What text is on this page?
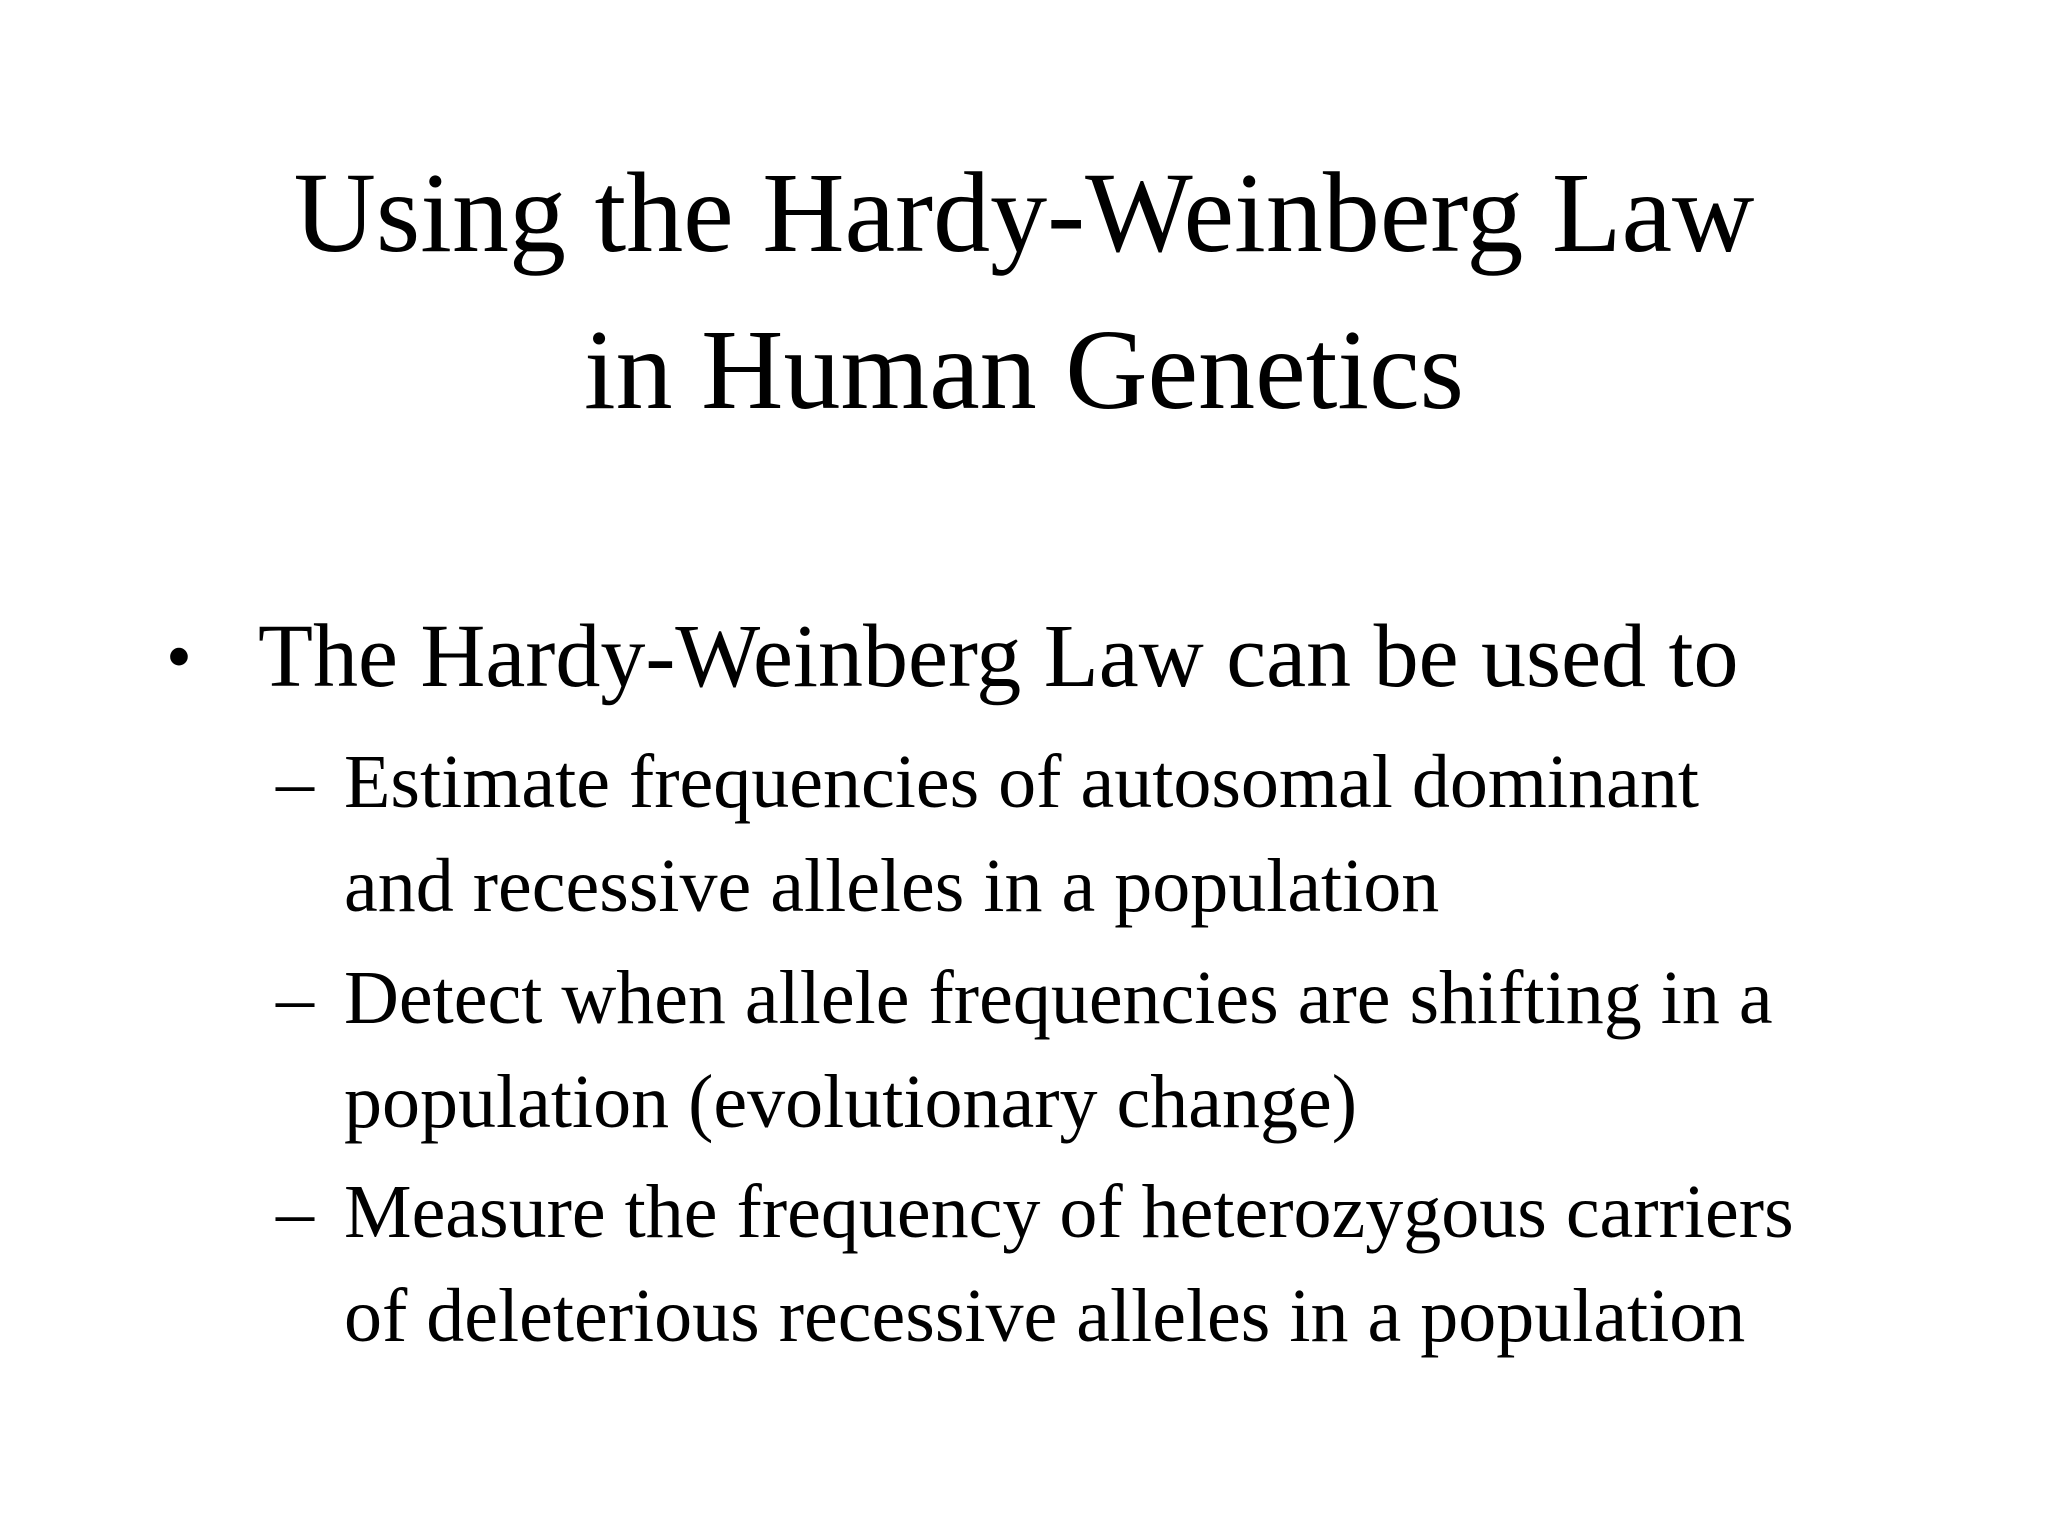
Using the Hardy-Weinberg Law
in Human Genetics
• The Hardy-Weinberg Law can be used to
– Estimate frequencies of autosomal dominant
and recessive alleles in a population
– Detect when allele frequencies are shifting in a
population (evolutionary change)
– Measure the frequency of heterozygous carriers
of deleterious recessive alleles in a population
